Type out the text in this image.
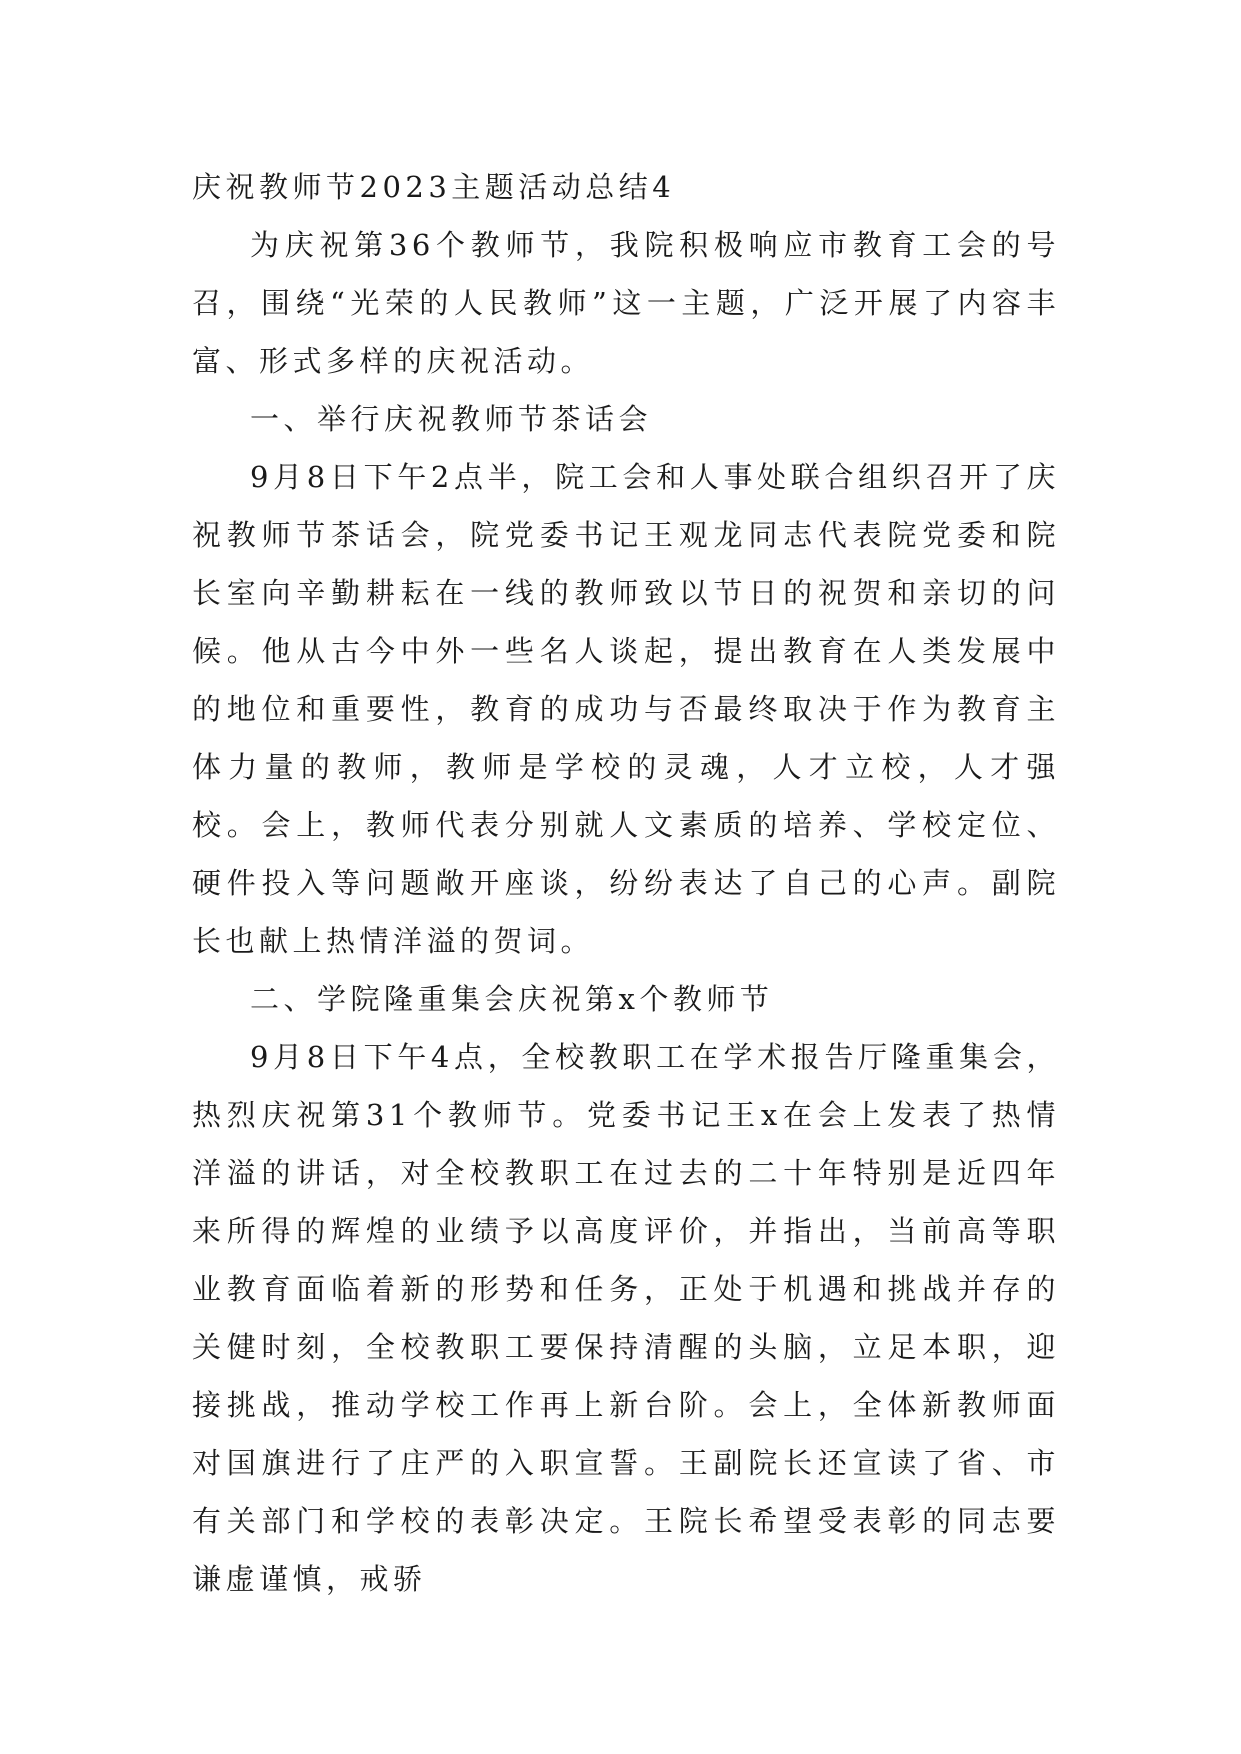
庆祝教师节2023主题活动总结4

为庆祝第36个教师节，我院积极响应市教育工会的号召，围绕“光荣的人民教师”这一主题，广泛开展了内容丰富、形式多样的庆祝活动。

一、举行庆祝教师节茶话会

9月8日下午2点半，院工会和人事处联合组织召开了庆祝教师节茶话会，院党委书记王观龙同志代表院党委和院长室向辛勤耕耘在一线的教师致以节日的祝贺和亲切的问候。他从古今中外一些名人谈起，提出教育在人类发展中的地位和重要性，教育的成功与否最终取决于作为教育主体力量的教师，教师是学校的灵魂，人才立校，人才强校。会上，教师代表分别就人文素质的培养、学校定位、硬件投入等问题敞开座谈，纷纷表达了自己的心声。副院长也献上热情洋溢的贺词。

二、学院隆重集会庆祝第x个教师节

9月8日下午4点，全校教职工在学术报告厅隆重集会，热烈庆祝第31个教师节。党委书记王x在会上发表了热情洋溢的讲话，对全校教职工在过去的二十年特别是近四年来所得的辉煌的业绩予以高度评价，并指出，当前高等职业教育面临着新的形势和任务，正处于机遇和挑战并存的关健时刻，全校教职工要保持清醒的头脑，立足本职，迎接挑战，推动学校工作再上新台阶。会上，全体新教师面对国旗进行了庄严的入职宣誓。王副院长还宣读了省、市有关部门和学校的表彰决定。王院长希望受表彰的同志要谦虚谨慎，戒骄
